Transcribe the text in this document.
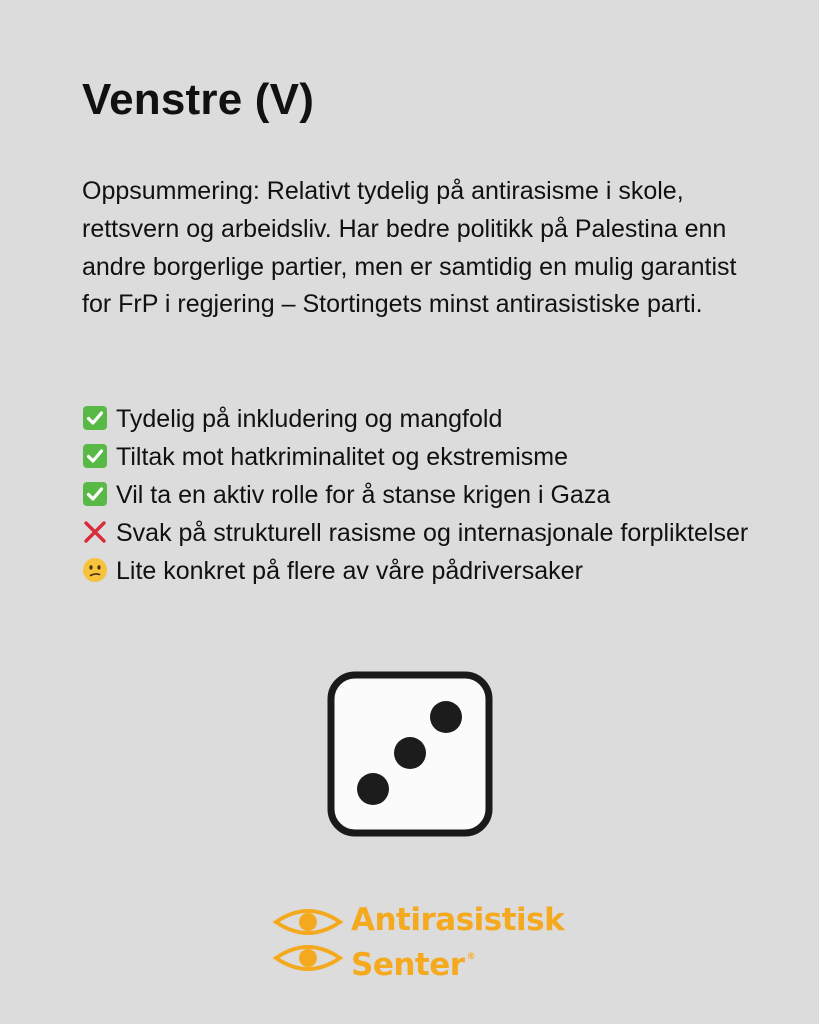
Venstre (V)

Oppsummering: Relativt tydelig på antirasisme i skole, rettsvern og arbeidsliv. Har bedre politikk på Palestina enn andre borgerlige partier, men er samtidig en mulig garantist for FrP i regjering – Stortingets minst antirasistiske parti.

Tydelig på inkludering og mangfold
Tiltak mot hatkriminalitet og ekstremisme
Vil ta en aktiv rolle for å stanse krigen i Gaza
Svak på strukturell rasisme og internasjonale forpliktelser
Lite konkret på flere av våre pådriversaker
Antirasistisk
Senter ®
